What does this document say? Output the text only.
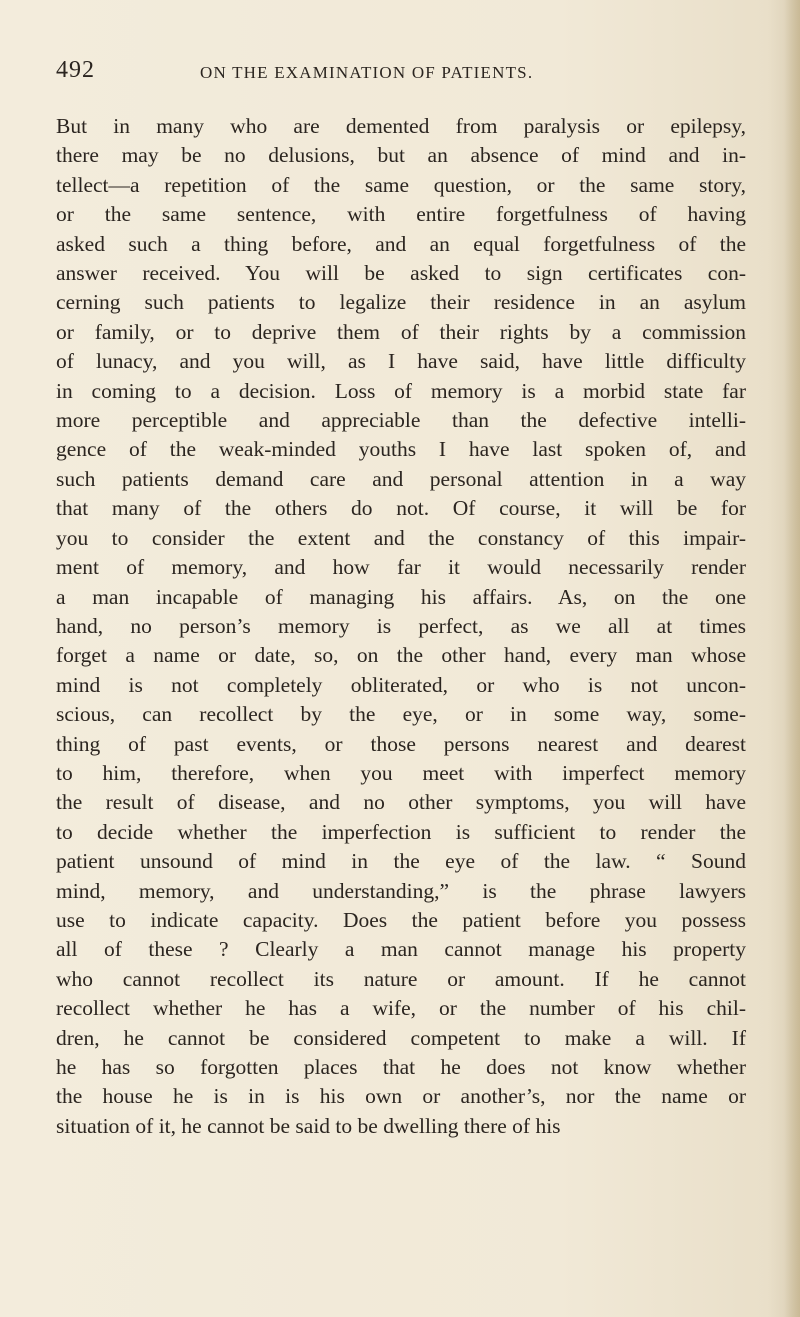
492	ON THE EXAMINATION OF PATIENTS.
But in many who are demented from paralysis or epilepsy,
there may be no delusions, but an absence of mind and in-
tellect—a repetition of the same question, or the same story,
or the same sentence, with entire forgetfulness of having
asked such a thing before, and an equal forgetfulness of the
answer received. You will be asked to sign certificates con-
cerning such patients to legalize their residence in an asylum
or family, or to deprive them of their rights by a commission
of lunacy, and you will, as I have said, have little difficulty
in coming to a decision. Loss of memory is a morbid state far
more perceptible and appreciable than the defective intelli-
gence of the weak-minded youths I have last spoken of, and
such patients demand care and personal attention in a way
that many of the others do not. Of course, it will be for
you to consider the extent and the constancy of this impair-
ment of memory, and how far it would necessarily render
a man incapable of managing his affairs. As, on the one
hand, no person’s memory is perfect, as we all at times
forget a name or date, so, on the other hand, every man whose
mind is not completely obliterated, or who is not uncon-
scious, can recollect by the eye, or in some way, some-
thing of past events, or those persons nearest and dearest
to him, therefore, when you meet with imperfect memory
the result of disease, and no other symptoms, you will have
to decide whether the imperfection is sufficient to render the
patient unsound of mind in the eye of the law. “ Sound
mind, memory, and understanding,” is the phrase lawyers
use to indicate capacity. Does the patient before you possess
all of these ? Clearly a man cannot manage his property
who cannot recollect its nature or amount. If he cannot
recollect whether he has a wife, or the number of his chil-
dren, he cannot be considered competent to make a will. If
he has so forgotten places that he does not know whether
the house he is in is his own or another’s, nor the name or
situation of it, he cannot be said to be dwelling there of his
